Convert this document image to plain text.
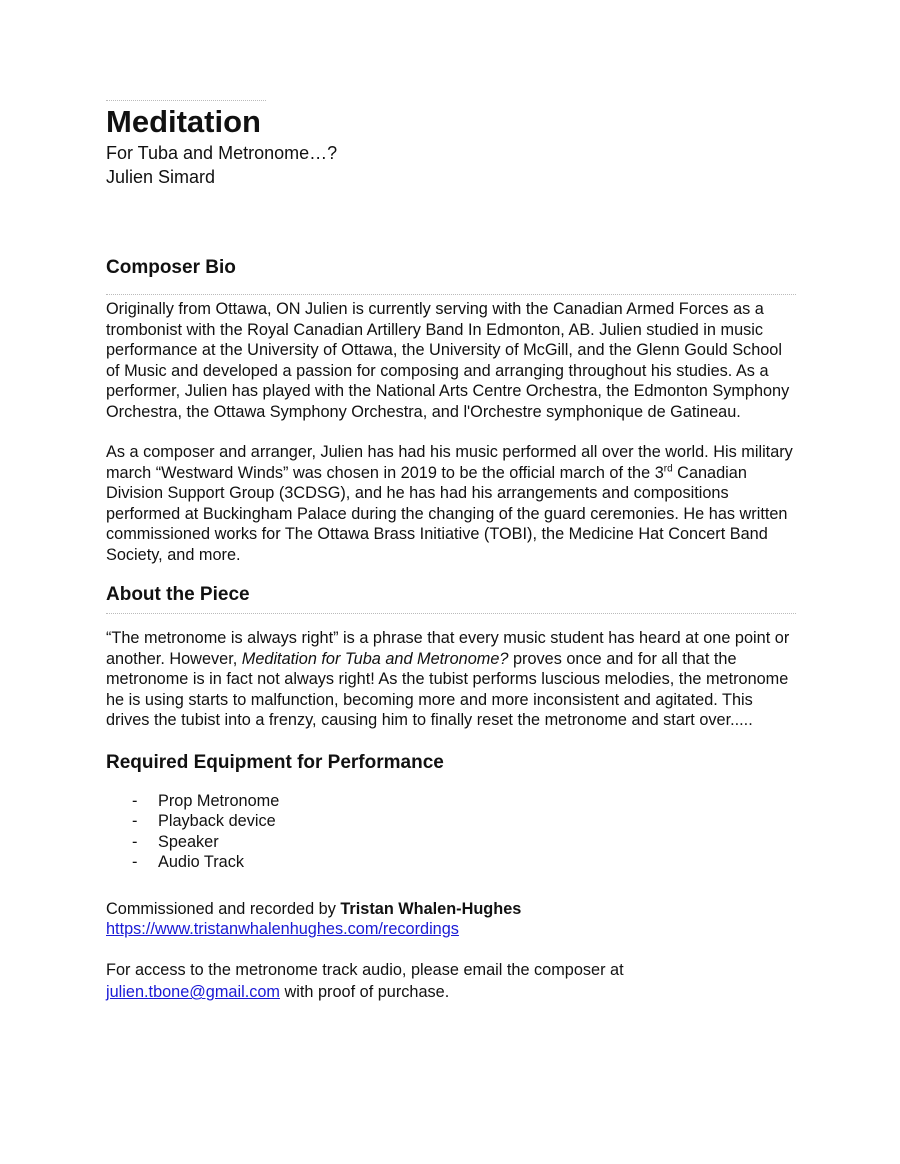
Meditation
For Tuba and Metronome…?
Julien Simard
Composer Bio

Originally from Ottawa, ON Julien is currently serving with the Canadian Armed Forces as a trombonist with the Royal Canadian Artillery Band In Edmonton, AB. Julien studied in music performance at the University of Ottawa, the University of McGill, and the Glenn Gould School of Music and developed a passion for composing and arranging throughout his studies. As a performer, Julien has played with the National Arts Centre Orchestra, the Edmonton Symphony Orchestra, the Ottawa Symphony Orchestra, and l'Orchestre symphonique de Gatineau.

As a composer and arranger, Julien has had his music performed all over the world. His military march “Westward Winds” was chosen in 2019 to be the official march of the 3rd Canadian Division Support Group (3CDSG), and he has had his arrangements and compositions performed at Buckingham Palace during the changing of the guard ceremonies. He has written commissioned works for The Ottawa Brass Initiative (TOBI), the Medicine Hat Concert Band Society, and more.

About the Piece

“The metronome is always right” is a phrase that every music student has heard at one point or another. However, Meditation for Tuba and Metronome? proves once and for all that the metronome is in fact not always right! As the tubist performs luscious melodies, the metronome he is using starts to malfunction, becoming more and more inconsistent and agitated. This drives the tubist into a frenzy, causing him to finally reset the metronome and start over.....

Required Equipment for Performance
- Prop Metronome
- Playback device
- Speaker
- Audio Track

Commissioned and recorded by Tristan Whalen-Hughes

https://www.tristanwhalenhughes.com/recordings

For access to the metronome track audio, please email the composer at

julien.tbone@gmail.com with proof of purchase.
